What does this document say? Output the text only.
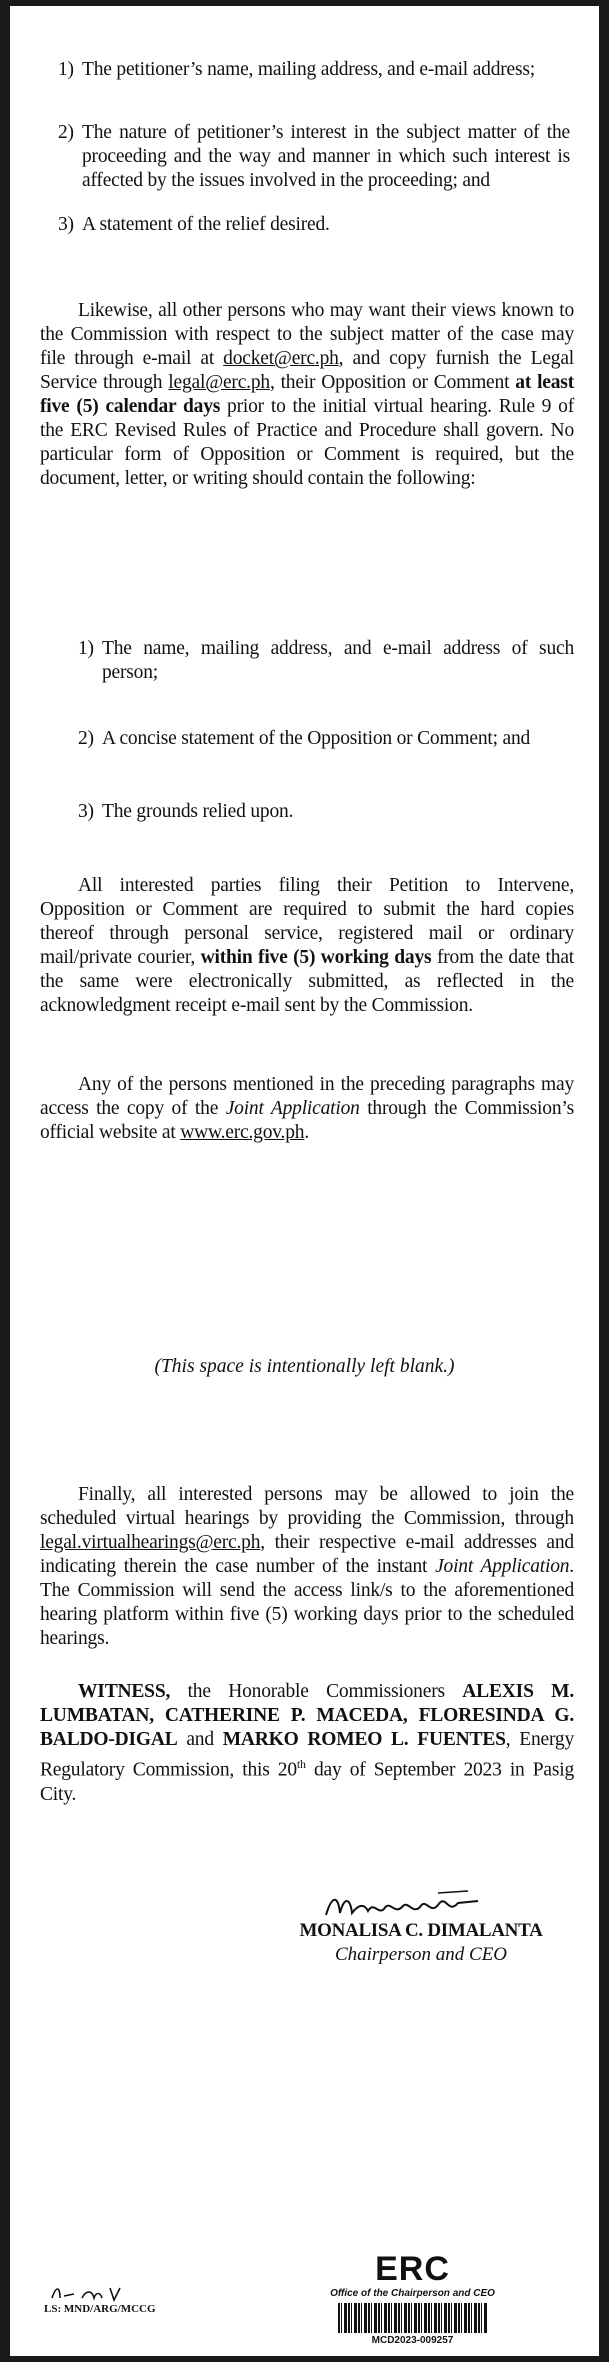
1) The petitioner’s name, mailing address, and e-mail address;
2) The nature of petitioner’s interest in the subject matter of the proceeding and the way and manner in which such interest is affected by the issues involved in the proceeding; and
3) A statement of the relief desired.
Likewise, all other persons who may want their views known to the Commission with respect to the subject matter of the case may file through e-mail at docket@erc.ph, and copy furnish the Legal Service through legal@erc.ph, their Opposition or Comment at least five (5) calendar days prior to the initial virtual hearing. Rule 9 of the ERC Revised Rules of Practice and Procedure shall govern. No particular form of Opposition or Comment is required, but the document, letter, or writing should contain the following:
1) The name, mailing address, and e-mail address of such person;
2) A concise statement of the Opposition or Comment; and
3) The grounds relied upon.
All interested parties filing their Petition to Intervene, Opposition or Comment are required to submit the hard copies thereof through personal service, registered mail or ordinary mail/private courier, within five (5) working days from the date that the same were electronically submitted, as reflected in the acknowledgment receipt e-mail sent by the Commission.
Any of the persons mentioned in the preceding paragraphs may access the copy of the Joint Application through the Commission’s official website at www.erc.gov.ph.
(This space is intentionally left blank.)
Finally, all interested persons may be allowed to join the scheduled virtual hearings by providing the Commission, through legal.virtualhearings@erc.ph, their respective e-mail addresses and indicating therein the case number of the instant Joint Application. The Commission will send the access link/s to the aforementioned hearing platform within five (5) working days prior to the scheduled hearings.
WITNESS, the Honorable Commissioners ALEXIS M. LUMBATAN, CATHERINE P. MACEDA, FLORESINDA G. BALDO-DIGAL and MARKO ROMEO L. FUENTES, Energy Regulatory Commission, this 20th day of September 2023 in Pasig City.
MONALISA C. DIMALANTA
Chairperson and CEO
ERC
Office of the Chairperson and CEO
MCD2023-009257
LS: MND/ARG/MCCG
